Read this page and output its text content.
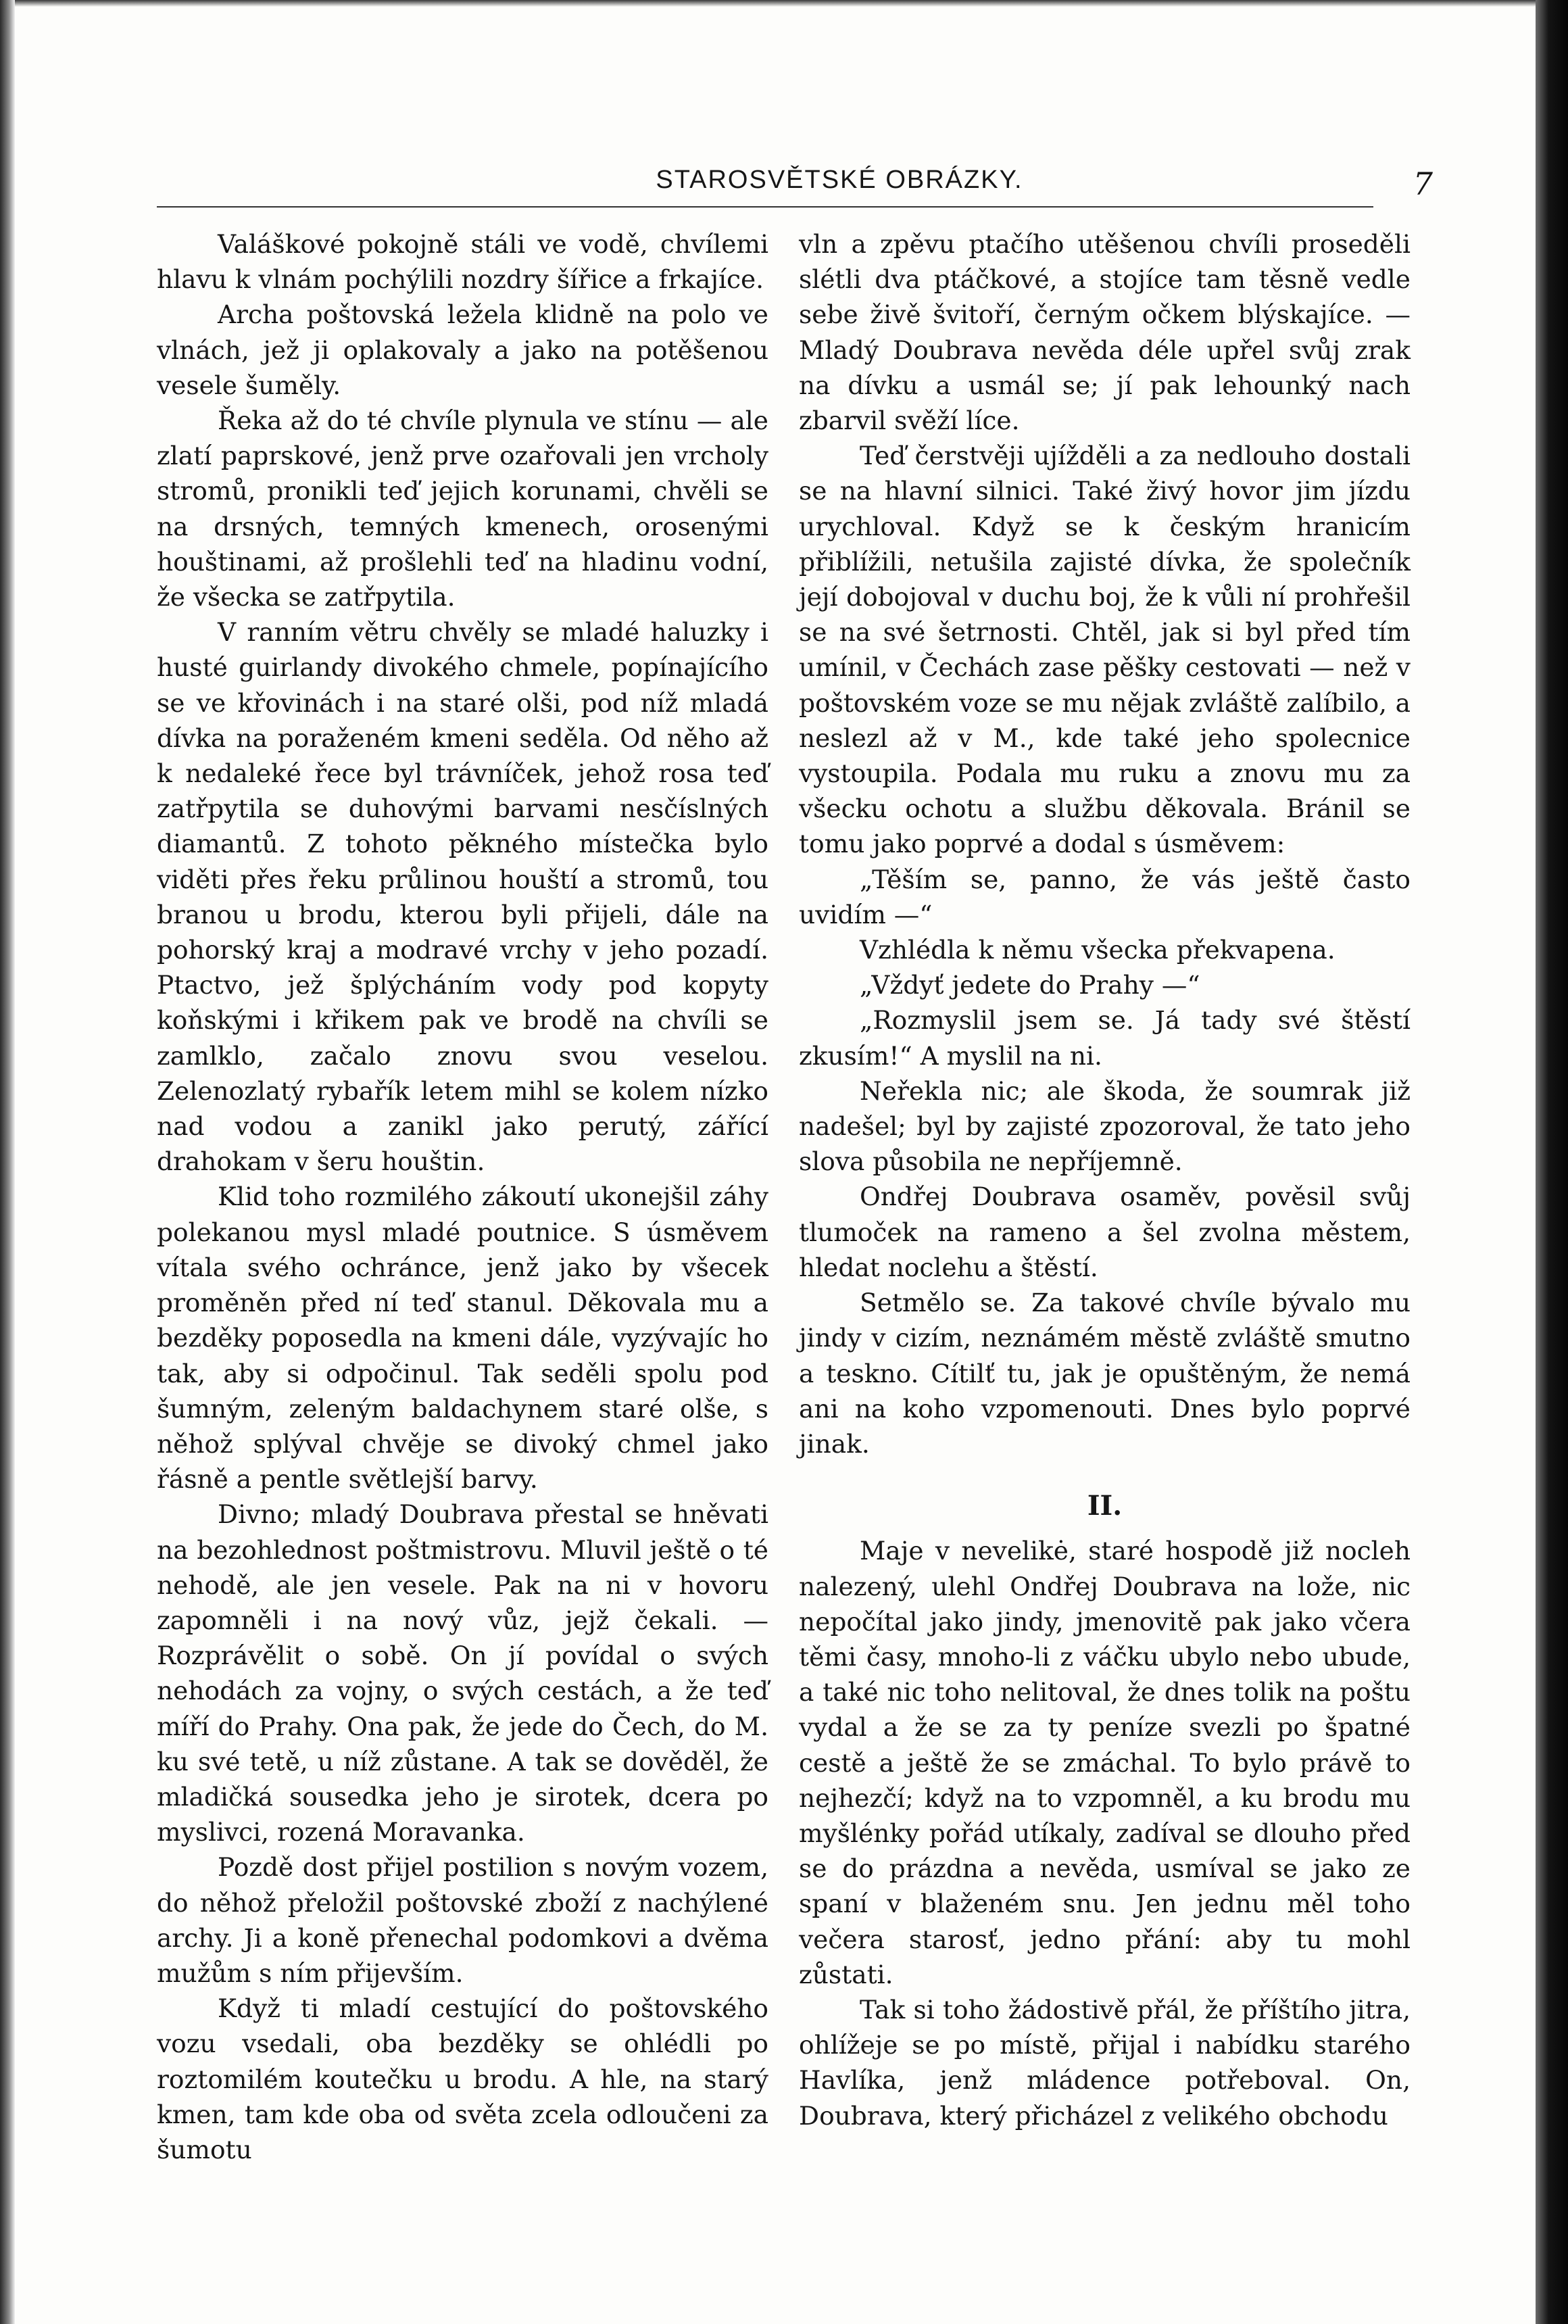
STAROSVĚTSKÉ OBRÁZKY.	7

Valáškové pokojně stáli ve vodě, chvílemi hlavu k vlnám pochýlili nozdry šířice a frkajíce.

Archa poštovská ležela klidně na polo ve vlnách, jež ji oplakovaly a jako na potěšenou vesele šuměly.

Řeka až do té chvíle plynula ve stínu — ale zlatí paprskové, jenž prve ozařovali jen vrcholy stromů, pronikli teď jejich korunami, chvěli se na drsných, temných kmenech, orosenými houštinami, až prošlehli teď na hladinu vodní, že všecka se zatřpytila.

V ranním větru chvěly se mladé haluzky i husté guirlandy divokého chmele, popínajícího se ve křovinách i na staré olši, pod níž mladá dívka na poraženém kmeni seděla. Od něho až k nedaleké řece byl trávníček, jehož rosa teď zatřpytila se duhovými barvami nesčíslných diamantů. Z tohoto pěkného místečka bylo viděti přes řeku průlinou houští a stromů, tou branou u brodu, kterou byli přijeli, dále na pohorský kraj a modravé vrchy v jeho pozadí. Ptactvo, jež šplýcháním vody pod kopyty koňskými i křikem pak ve brodě na chvíli se zamlklo, začalo znovu svou veselou. Zelenozlatý rybařík letem mihl se kolem nízko nad vodou a zanikl jako perutý, zářící drahokam v šeru houštin.

Klid toho rozmilého zákoutí ukonejšil záhy polekanou mysl mladé poutnice. S úsměvem vítala svého ochránce, jenž jako by všecek proměněn před ní teď stanul. Děkovala mu a bezděky poposedla na kmeni dále, vyzývajíc ho tak, aby si odpočinul. Tak seděli spolu pod šumným, zeleným baldachynem staré olše, s něhož splýval chvěje se divoký chmel jako řásně a pentle světlejší barvy.

Divno; mladý Doubrava přestal se hněvati na bezohlednost poštmistrovu. Mluvil ještě o té nehodě, ale jen vesele. Pak na ni v hovoru zapomněli i na nový vůz, jejž čekali. — Rozprávělit o sobě. On jí povídal o svých nehodách za vojny, o svých cestách, a že teď míří do Prahy. Ona pak, že jede do Čech, do M. ku své tetě, u níž zůstane. A tak se dověděl, že mladičká sousedka jeho je sirotek, dcera po myslivci, rozená Moravanka.

Pozdě dost přijel postilion s novým vozem, do něhož přeložil poštovské zboží z nachýlené archy. Ji a koně přenechal podomkovi a dvěma mužům s ním přijevším.

Když ti mladí cestující do poštovského vozu vsedali, oba bezděky se ohlédli po roztomilém koutečku u brodu. A hle, na starý kmen, tam kde oba od světa zcela odloučeni za šumotu

vln a zpěvu ptačího utěšenou chvíli proseděli slétli dva ptáčkové, a stojíce tam těsně vedle sebe živě švitoří, černým očkem blýskajíce. — Mladý Doubrava nevěda déle upřel svůj zrak na dívku a usmál se; jí pak lehounký nach zbarvil svěží líce.

Teď čerstvěji ujížděli a za nedlouho dostali se na hlavní silnici. Také živý hovor jim jízdu urychloval. Když se k českým hranicím přiblížili, netušila zajisté dívka, že společník její dobojoval v duchu boj, že k vůli ní prohřešil se na své šetrnosti. Chtěl, jak si byl před tím umínil, v Čechách zase pěšky cestovati — než v poštovském voze se mu nějak zvláště zalíbilo, a neslezl až v M., kde také jeho spolecnice vystoupila. Podala mu ruku a znovu mu za všecku ochotu a službu děkovala. Bránil se tomu jako poprvé a dodal s úsměvem:

„Těším se, panno, že vás ještě často uvidím —“

Vzhlédla k němu všecka překvapena.

„Vždyť jedete do Prahy —“

„Rozmyslil jsem se. Já tady své štěstí zkusím!“ A myslil na ni.

Neřekla nic; ale škoda, že soumrak již nadešel; byl by zajisté zpozoroval, že tato jeho slova působila ne nepříjemně.

Ondřej Doubrava osaměv, pověsil svůj tlumoček na rameno a šel zvolna městem, hledat noclehu a štěstí.

Setmělo se. Za takové chvíle bývalo mu jindy v cizím, neznámém městě zvláště smutno a teskno. Cítilť tu, jak je opuštěným, že nemá ani na koho vzpomenouti. Dnes bylo poprvé jinak.

II.

Maje v nevelikė, staré hospodě již nocleh nalezený, ulehl Ondřej Doubrava na lože, nic nepočítal jako jindy, jmenovitě pak jako včera těmi časy, mnoho-li z váčku ubylo nebo ubude, a také nic toho nelitoval, že dnes tolik na poštu vydal a že se za ty peníze svezli po špatné cestě a ještě že se zmáchal. To bylo právě to nejhezčí; když na to vzpomněl, a ku brodu mu myšlénky pořád utíkaly, zadíval se dlouho před se do prázdna a nevěda, usmíval se jako ze spaní v blaženém snu. Jen jednu měl toho večera starosť, jedno přání: aby tu mohl zůstati.

Tak si toho žádostivě přál, že příštího jitra, ohlížeje se po místě, přijal i nabídku starého Havlíka, jenž mládence potřeboval. On, Doubrava, který přicházel z velikého obchodu
